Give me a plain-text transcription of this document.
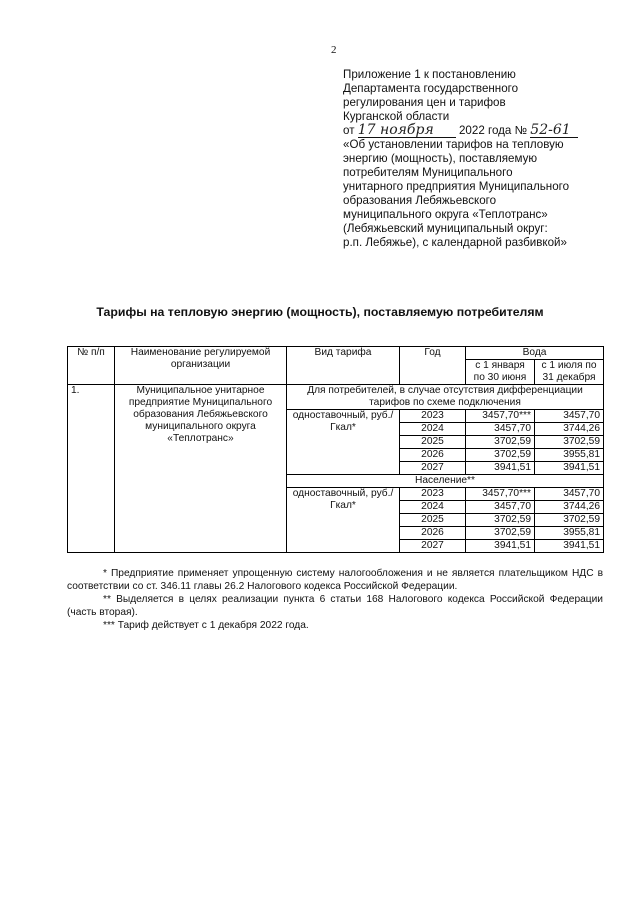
2
Приложение 1 к постановлению
Департамента государственного
регулирования цен и тарифов
Курганской области
от 17 ноября 2022 года № 52-61
«Об установлении тарифов на тепловую
энергию (мощность), поставляемую
потребителям Муниципального
унитарного предприятия Муниципального
образования Лебяжьевского
муниципального округа «Теплотранс»
(Лебяжьевский муниципальный округ:
р.п. Лебяжье), с календарной разбивкой»
Тарифы на тепловую энергию (мощность), поставляемую потребителям
№ п/п	Наименование регулируемой организации	Вид тарифа	Год	Вода	
				с 1 января по 30 июня	с 1 июля по 31 декабря
1.	Муниципальное унитарное предприятие Муниципального образования Лебяжьевского муниципального округа «Теплотранс»	Для потребителей, в случае отсутствия дифференциации тарифов по схеме подключения			
		одноставочный, руб./Гкал*	2023	3457,70***	3457,70
			2024	3457,70	3744,26
			2025	3702,59	3702,59
			2026	3702,59	3955,81
			2027	3941,51	3941,51
		Население**			
		одноставочный, руб./Гкал*	2023	3457,70***	3457,70
			2024	3457,70	3744,26
			2025	3702,59	3702,59
			2026	3702,59	3955,81
			2027	3941,51	3941,51

* Предприятие применяет упрощенную систему налогообложения и не является плательщиком НДС в соответствии со ст. 346.11 главы 26.2 Налогового кодекса Российской Федерации.

** Выделяется в целях реализации пункта 6 статьи 168 Налогового кодекса Российской Федерации (часть вторая).

*** Тариф действует с 1 декабря 2022 года.
